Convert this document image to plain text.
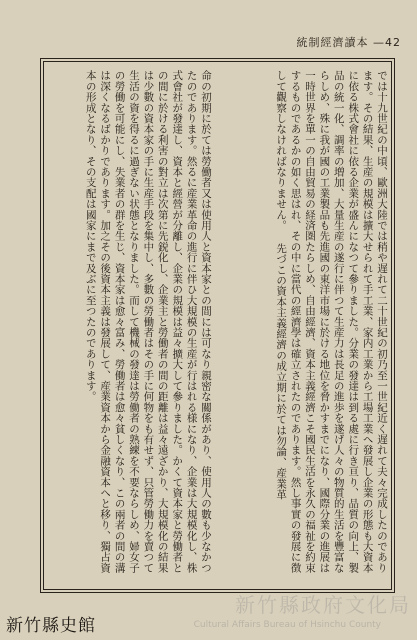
統制經濟讀本 —42
では十九世紀の中頃、歐洲大陸では稍や遅れて二十世紀の初乃至一世紀近く遅れて夫々完成したのであります。その結果、生産の規模は擴大せられて手工業、家内工業から工場工業へ發展し企業の形態も大資本に依る株式會社に依る企業が盛んになつて參りました。分業の發達は到る處に行き亘り、品質の向上、製品の統一化、調率の増加、大量生産の遂行に伴つて生産力は長足の進歩を遂げ人々の物質的生活を豐富ならしめ、殊に我が國の工業製品も先進國の東洋市場に於ける地位を脅かすまでになり、國際分業の進展は一時世界を單一の自由貿易の経済圏たらしめ、自由經濟、資本主義經濟こそ國民生活を永久の福祉を約束するものであるかの如く思はれ、その中に當代の經濟學は確立されたのであります。然し事實の發展に徴して觀察しなければなりません。 先づこの資本主義經濟の成立期に於ては勿論、産業革
命の初期に於ては勞働者又は使用人と資本家との間には可なり親密な關係があり、使用人の數も少なかつたのであります。然るに産業革命の進行に伴ひ大規模の生産が行はれる様になり、企業は大規模化し、株式會社が發達し、資本と經營が分離し、企業の規模は益々擴大して參りました。かくて資本家と勞働者との間に於ける利害の對立は次第に先鋭化し、企業主と勞働者の間の距離は益々遠ざかり、大規模化の結果は少數の資本家の手に生産手段を集中し、多數の勞働者はその手に何物をも有せず、只管勞働力を賣つて生活の資を得るに過ぎない状態となりました。而して機械の發達は勞働者の熟練を不要ならしめ、婦女子の勞働を可能にし、失業者の群を生じ、資本家は愈々富み、勞働者は愈々貧しくなり、この兩者の間の溝は深くなるばかりであります。加之その後資本主義は發展して、産業資本から金融資本へと移り、獨占資本の形成となり、その支配は國家にまで及ぶに至つたのであります。
新竹縣政府文化局
Cultural Affairs Bureau of Hsinchu County
新竹縣史館
